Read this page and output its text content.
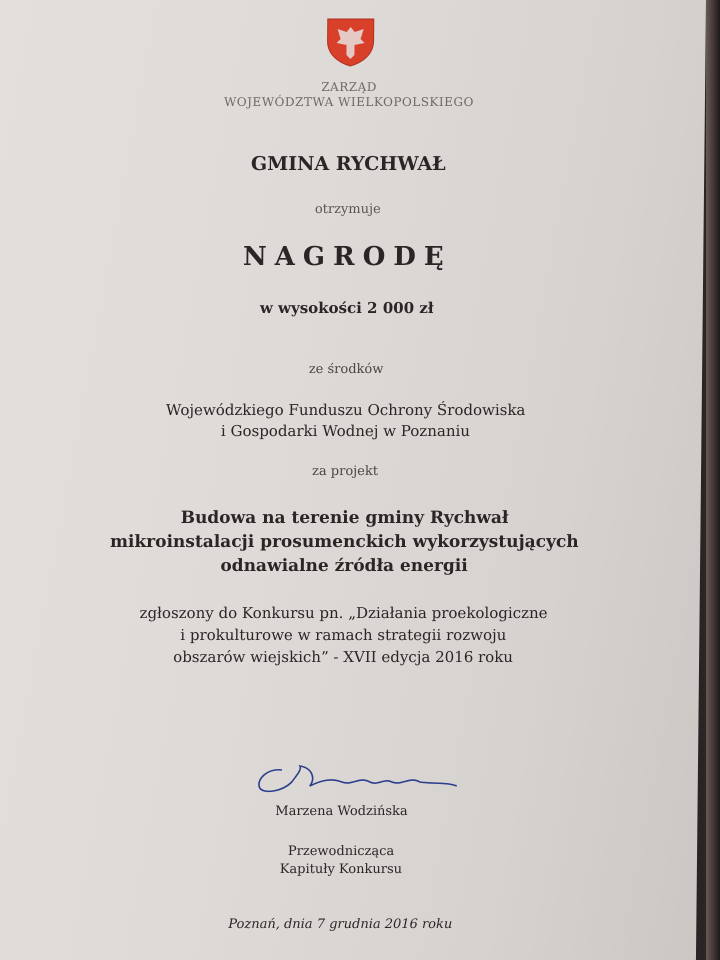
ZARZĄD
WOJEWÓDZTWA WIELKOPOLSKIEGO
GMINA RYCHWAŁ
otrzymuje
NAGRODĘ
w wysokości 2 000 zł
ze środków
Wojewódzkiego Funduszu Ochrony Środowiska
i Gospodarki Wodnej w Poznaniu
za projekt
Budowa na terenie gminy Rychwał
mikroinstalacji prosumenckich wykorzystujących
odnawialne źródła energii
zgłoszony do Konkursu pn. „Działania proekologiczne
i prokulturowe w ramach strategii rozwoju
obszarów wiejskich” - XVII edycja 2016 roku
Marzena Wodzińska
Przewodnicząca
Kapituły Konkursu
Poznań, dnia 7 grudnia 2016 roku
